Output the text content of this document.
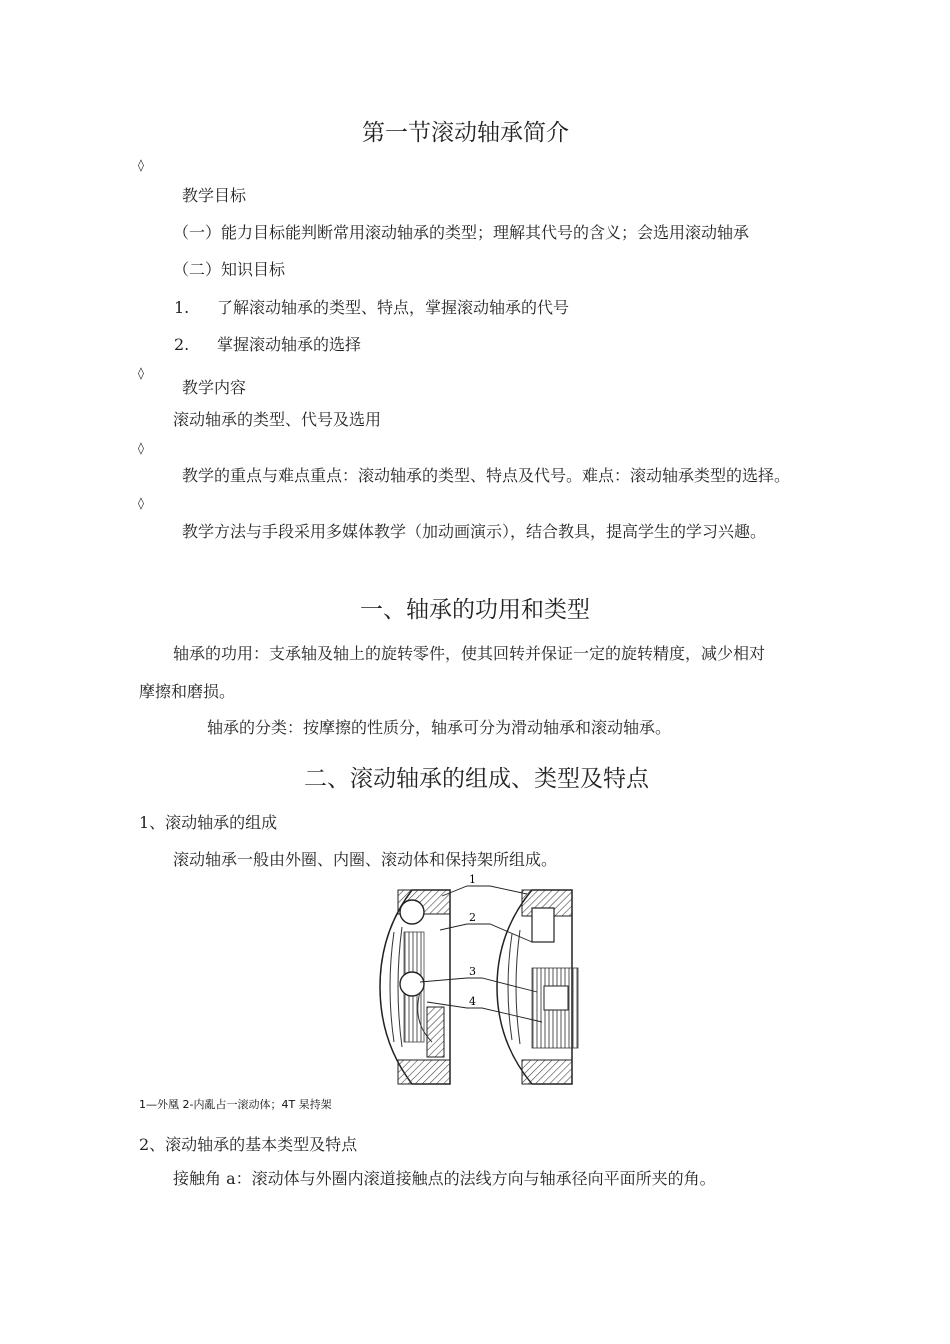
第一节滚动轴承简介
◊
教学目标
（一）能力目标能判断常用滚动轴承的类型；理解其代号的含义；会选用滚动轴承
（二）知识目标
1. 了解滚动轴承的类型、特点，掌握滚动轴承的代号
2. 掌握滚动轴承的选择
◊
教学内容
滚动轴承的类型、代号及选用
◊
教学的重点与难点重点：滚动轴承的类型、特点及代号。难点：滚动轴承类型的选择。
◊
教学方法与手段采用多媒体教学（加动画演示），结合教具，提高学生的学习兴趣。
一、轴承的功用和类型
轴承的功用：支承轴及轴上的旋转零件，使其回转并保证一定的旋转精度，减少相对
摩擦和磨损。
轴承的分类：按摩擦的性质分，轴承可分为滑动轴承和滚动轴承。
二、滚动轴承的组成、类型及特点
1、滚动轴承的组成
滚动轴承一般由外圈、内圈、滚动体和保持架所组成。
1
2
3
4
1—外凰 2-内亂占一滚动体；4T 杲持架
2、滚动轴承的基本类型及特点
接触角 a：滚动体与外圈内滚道接触点的法线方向与轴承径向平面所夹的角。
